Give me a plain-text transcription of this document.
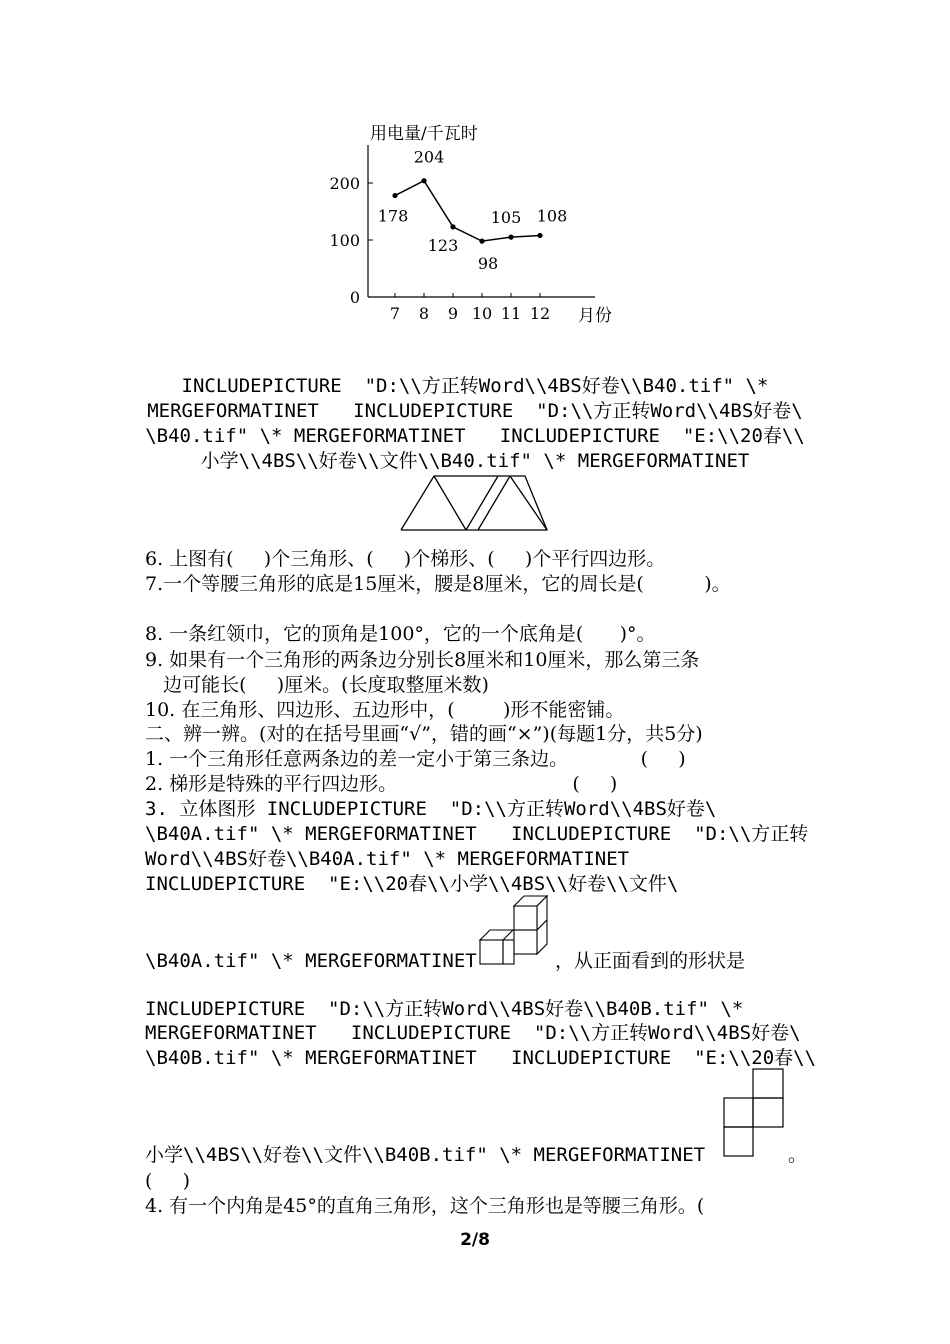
用电量/千瓦时
月份
0
100
200
7 8 9 10 11 12
178
204
123
98
105 108
INCLUDEPICTURE  "D:\\方正转Word\\4BS好卷\\B40.tif" \*
MERGEFORMATINET   INCLUDEPICTURE  "D:\\方正转Word\\4BS好卷\
\B40.tif" \* MERGEFORMATINET   INCLUDEPICTURE  "E:\\20春\\
小学\\4BS\\好卷\\文件\\B40.tif" \* MERGEFORMATINET
6. 上图有(     )个三角形、(     )个梯形、(     )个平行四边形。
7.一个等腰三角形的底是15厘米，腰是8厘米，它的周长是(          )。
8. 一条红领巾，它的顶角是100°，它的一个底角是(      )°。
9. 如果有一个三角形的两条边分别长8厘米和10厘米，那么第三条
边可能长(     )厘米。(长度取整厘米数)
10. 在三角形、四边形、五边形中，(        )形不能密铺。
二、辨一辨。(对的在括号里画“√”，错的画“×”)(每题1分，共5分)
1. 一个三角形任意两条边的差一定小于第三条边。            (     )
2. 梯形是特殊的平行四边形。                             (     )
3. 立体图形 INCLUDEPICTURE  "D:\\方正转Word\\4BS好卷\
\B40A.tif" \* MERGEFORMATINET   INCLUDEPICTURE  "D:\\方正转
Word\\4BS好卷\\B40A.tif" \* MERGEFORMATINET
INCLUDEPICTURE  "E:\\20春\\小学\\4BS\\好卷\\文件\
\B40A.tif" \* MERGEFORMATINET	，从正面看到的形状是
INCLUDEPICTURE  "D:\\方正转Word\\4BS好卷\\B40B.tif" \*
MERGEFORMATINET   INCLUDEPICTURE  "D:\\方正转Word\\4BS好卷\
\B40B.tif" \* MERGEFORMATINET   INCLUDEPICTURE  "E:\\20春\\
小学\\4BS\\好卷\\文件\\B40B.tif" \* MERGEFORMATINET	。
(     )
4. 有一个内角是45°的直角三角形，这个三角形也是等腰三角形。(
2/8
